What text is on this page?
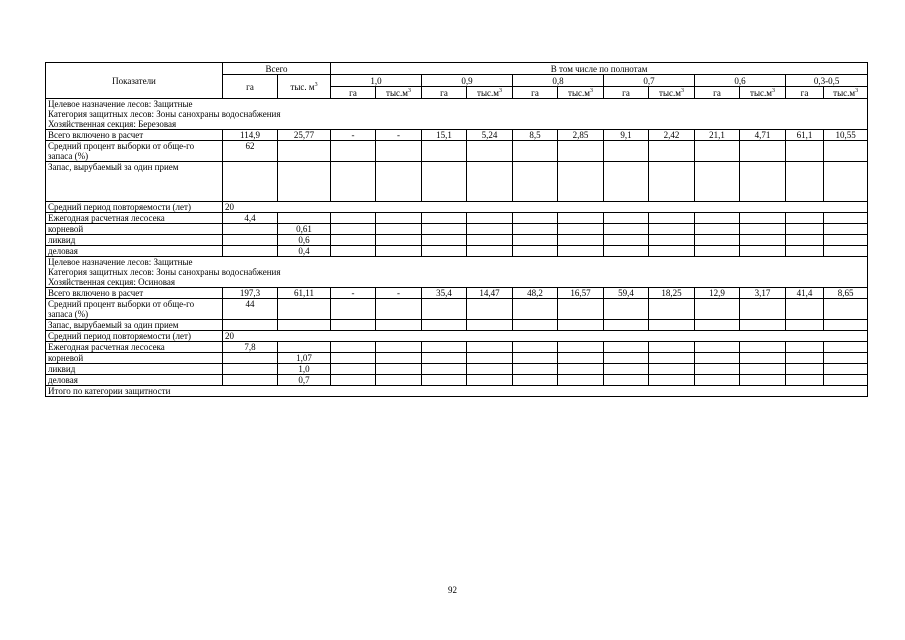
Показатели	Всего		В том числе по полнотам											
	га	тыс. $м^3$	1,0		0,9		0,8		0,7		0,6		0,3-0,5	
			га	$тыс.м^3$	га	$тыс.м^3$	га	$тыс.м^3$	га	$тыс.м^3$	га	$тыс.м^3$	га	$тыс.м^3$

Целевое назначение лесов: Защитные
Категория защитных лесов: Зоны санохраны водоснабжения
Хозяйственная секция: Березовая														

Всего включено в расчет	114,9	25,77	-	-	15,1	5,24	8,5	2,85	9,1	2,42	21,1	4,71	61,1	10,55
Средний процент выборки от обще-го запаса (%)	62													
Запас, вырубаемый за один прием														
Средний период повторяемости (лет)	20													
Ежегодная расчетная лесосека	4,4													
корневой		0,61												
ликвид		0,6												
деловая		0,4												

Целевое назначение лесов: Защитные
Категория защитных лесов: Зоны санохраны водоснабжения
Хозяйственная секция: Осиновая														

Всего включено в расчет	197,3	61,11	-	-	35,4	14,47	48,2	16,57	59,4	18,25	12,9	3,17	41,4	8,65
Средний процент выборки от обще-го запаса (%)	44													
Запас, вырубаемый за один прием														
Средний период повторяемости (лет)	20													
Ежегодная расчетная лесосека	7,8													
корневой		1,07												
ликвид		1,0												
деловая		0,7												
Итого по категории защитности														
92
